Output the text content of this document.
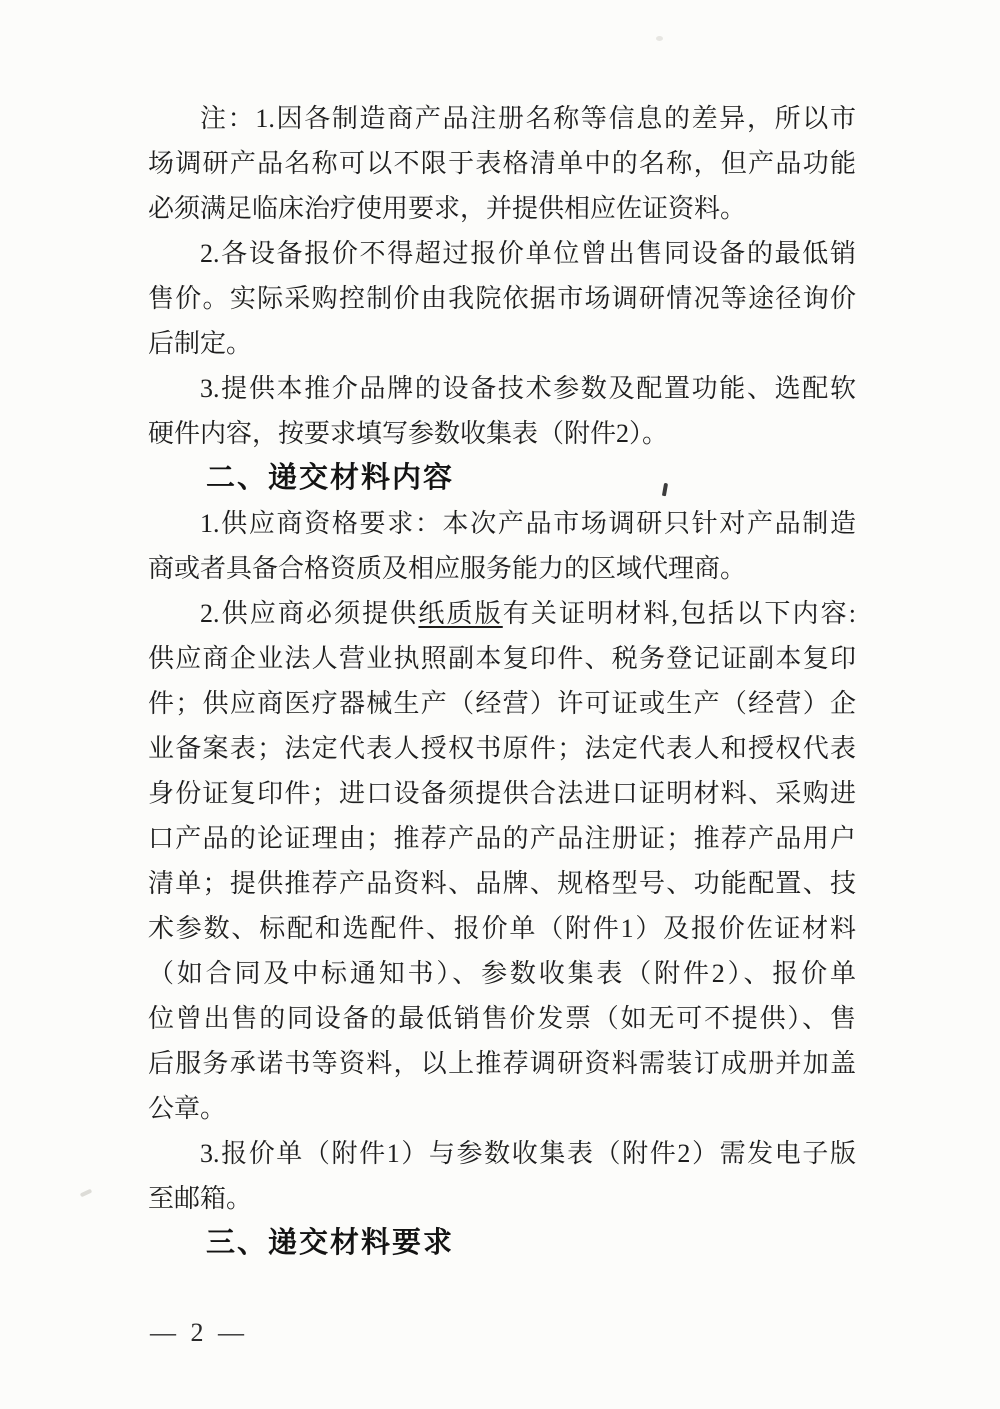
注：1.因各制造商产品注册名称等信息的差异，所以市
场调研产品名称可以不限于表格清单中的名称，但产品功能
必须满足临床治疗使用要求，并提供相应佐证资料。
2.各设备报价不得超过报价单位曾出售同设备的最低销
售价。实际采购控制价由我院依据市场调研情况等途径询价
后制定。
3.提供本推介品牌的设备技术参数及配置功能、选配软
硬件内容，按要求填写参数收集表（附件2）。
二、递交材料内容
1.供应商资格要求：本次产品市场调研只针对产品制造
商或者具备合格资质及相应服务能力的区域代理商。
2.供应商必须提供纸质版有关证明材料,包括以下内容:
供应商企业法人营业执照副本复印件、税务登记证副本复印
件；供应商医疗器械生产（经营）许可证或生产（经营）企
业备案表；法定代表人授权书原件；法定代表人和授权代表
身份证复印件；进口设备须提供合法进口证明材料、采购进
口产品的论证理由；推荐产品的产品注册证；推荐产品用户
清单；提供推荐产品资料、品牌、规格型号、功能配置、技
术参数、标配和选配件、报价单（附件1）及报价佐证材料
（如合同及中标通知书）、参数收集表（附件2）、报价单
位曾出售的同设备的最低销售价发票（如无可不提供）、售
后服务承诺书等资料，以上推荐调研资料需装订成册并加盖
公章。
3.报价单（附件1）与参数收集表（附件2）需发电子版
至邮箱。
三、递交材料要求
— 2 —
